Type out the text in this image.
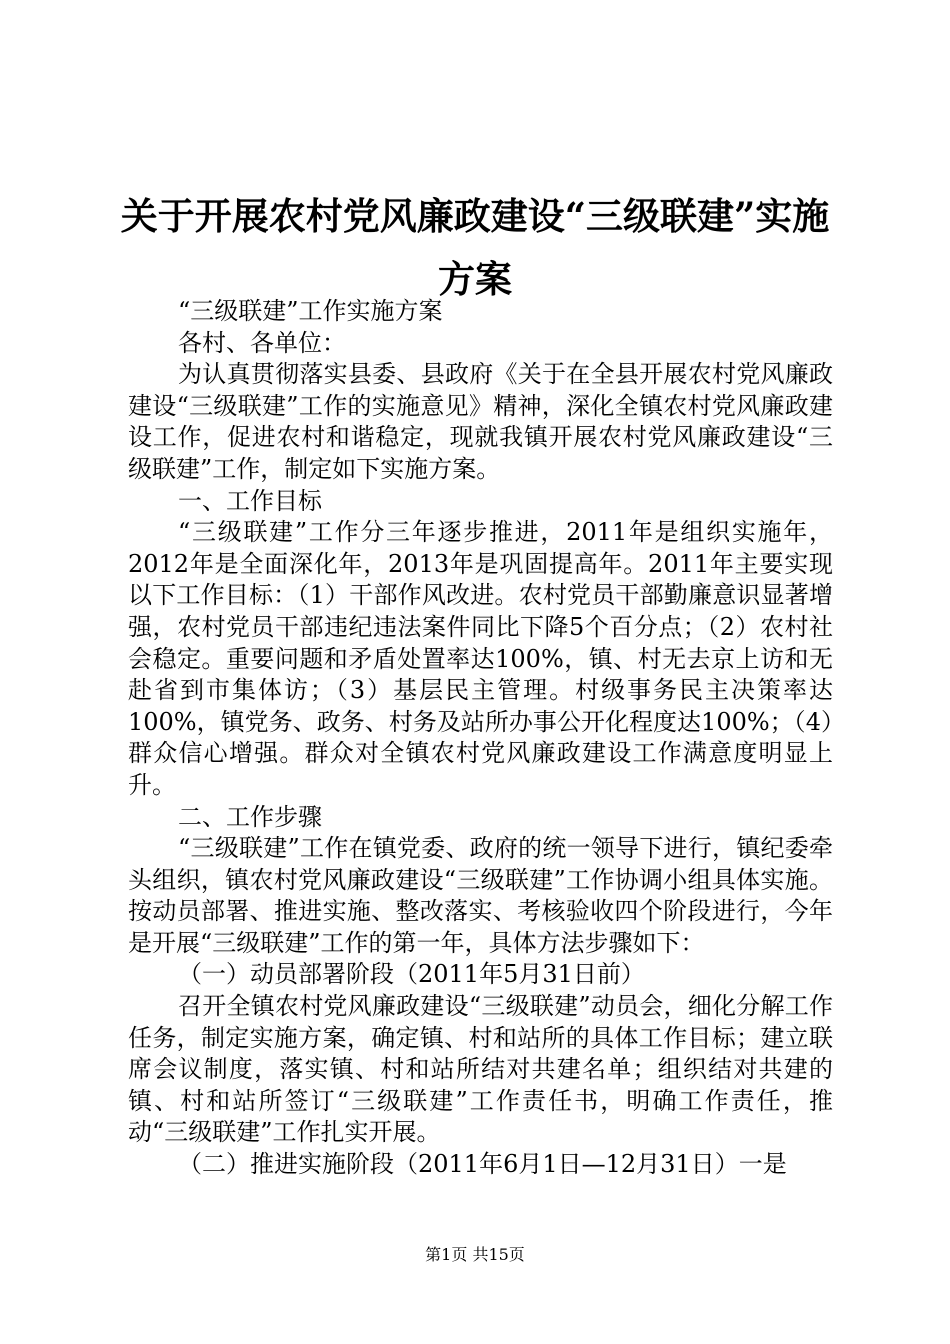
关于开展农村党风廉政建设“三级联建”实施
方案

“三级联建”工作实施方案

各村、各单位：

为认真贯彻落实县委、县政府《关于在全县开展农村党风廉政建设“三级联建”工作的实施意见》精神，深化全镇农村党风廉政建设工作，促进农村和谐稳定，现就我镇开展农村党风廉政建设“三级联建”工作，制定如下实施方案。

一、工作目标

“三级联建”工作分三年逐步推进，2011年是组织实施年，2012年是全面深化年，2013年是巩固提高年。2011年主要实现以下工作目标：（1）干部作风改进。农村党员干部勤廉意识显著增强，农村党员干部违纪违法案件同比下降5个百分点；（2）农村社会稳定。重要问题和矛盾处置率达100%，镇、村无去京上访和无赴省到市集体访；（3）基层民主管理。村级事务民主决策率达100%，镇党务、政务、村务及站所办事公开化程度达100%；（4）群众信心增强。群众对全镇农村党风廉政建设工作满意度明显上升。

二、工作步骤

“三级联建”工作在镇党委、政府的统一领导下进行，镇纪委牵头组织，镇农村党风廉政建设“三级联建”工作协调小组具体实施。按动员部署、推进实施、整改落实、考核验收四个阶段进行，今年是开展“三级联建”工作的第一年，具体方法步骤如下：

（一）动员部署阶段（2011年5月31日前）

召开全镇农村党风廉政建设“三级联建”动员会，细化分解工作任务，制定实施方案，确定镇、村和站所的具体工作目标；建立联席会议制度，落实镇、村和站所结对共建名单；组织结对共建的镇、村和站所签订“三级联建”工作责任书，明确工作责任，推动“三级联建”工作扎实开展。

（二）推进实施阶段（2011年6月1日—12月31日）一是

第1页 共15页
